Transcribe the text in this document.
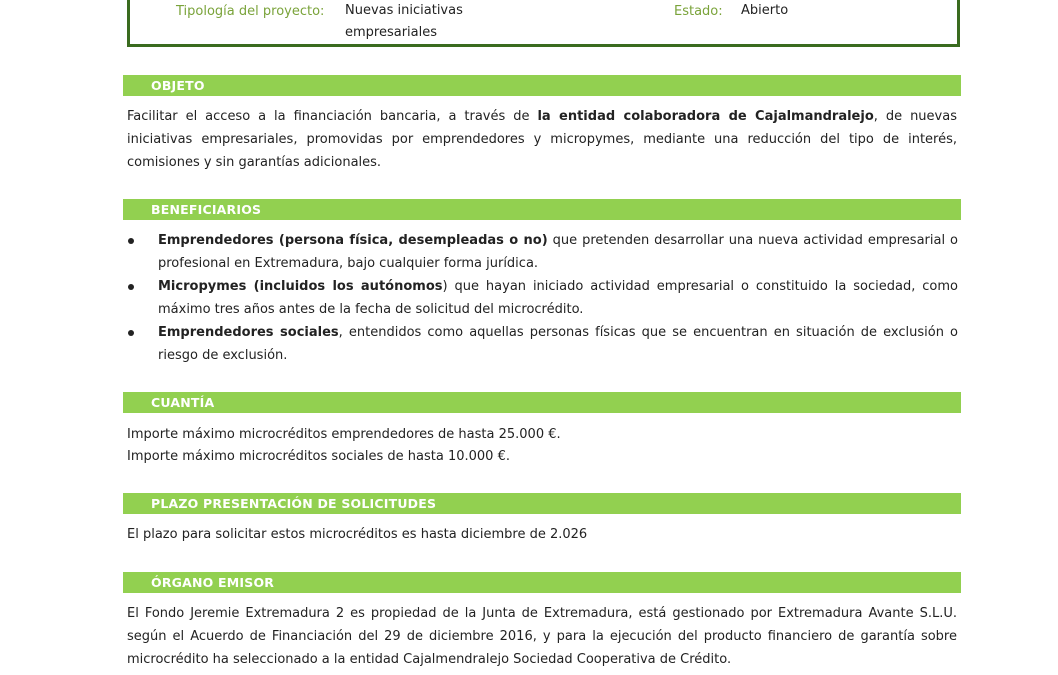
Tipología del proyecto: Nuevas iniciativas
empresariales
Estado: Abierto
OBJETO
Facilitar el acceso a la financiación bancaria, a través de la entidad colaboradora de Cajalmandralejo, de nuevas iniciativas empresariales, promovidas por emprendedores y micropymes, mediante una reducción del tipo de interés, comisiones y sin garantías adicionales.
BENEFICIARIOS
Emprendedores (persona física, desempleadas o no) que pretenden desarrollar una nueva actividad empresarial o profesional en Extremadura, bajo cualquier forma jurídica.
Micropymes (incluidos los autónomos) que hayan iniciado actividad empresarial o constituido la sociedad, como máximo tres años antes de la fecha de solicitud del microcrédito.
Emprendedores sociales, entendidos como aquellas personas físicas que se encuentran en situación de exclusión o riesgo de exclusión.
CUANTÍA
Importe máximo microcréditos emprendedores de hasta 25.000 €.
Importe máximo microcréditos sociales de hasta 10.000 €.
PLAZO PRESENTACIÓN DE SOLICITUDES
El plazo para solicitar estos microcréditos es hasta diciembre de 2.026
ÓRGANO EMISOR
El Fondo Jeremie Extremadura 2 es propiedad de la Junta de Extremadura, está gestionado por Extremadura Avante S.L.U. según el Acuerdo de Financiación del 29 de diciembre 2016, y para la ejecución del producto financiero de garantía sobre microcrédito ha seleccionado a la entidad Cajalmendralejo Sociedad Cooperativa de Crédito.
